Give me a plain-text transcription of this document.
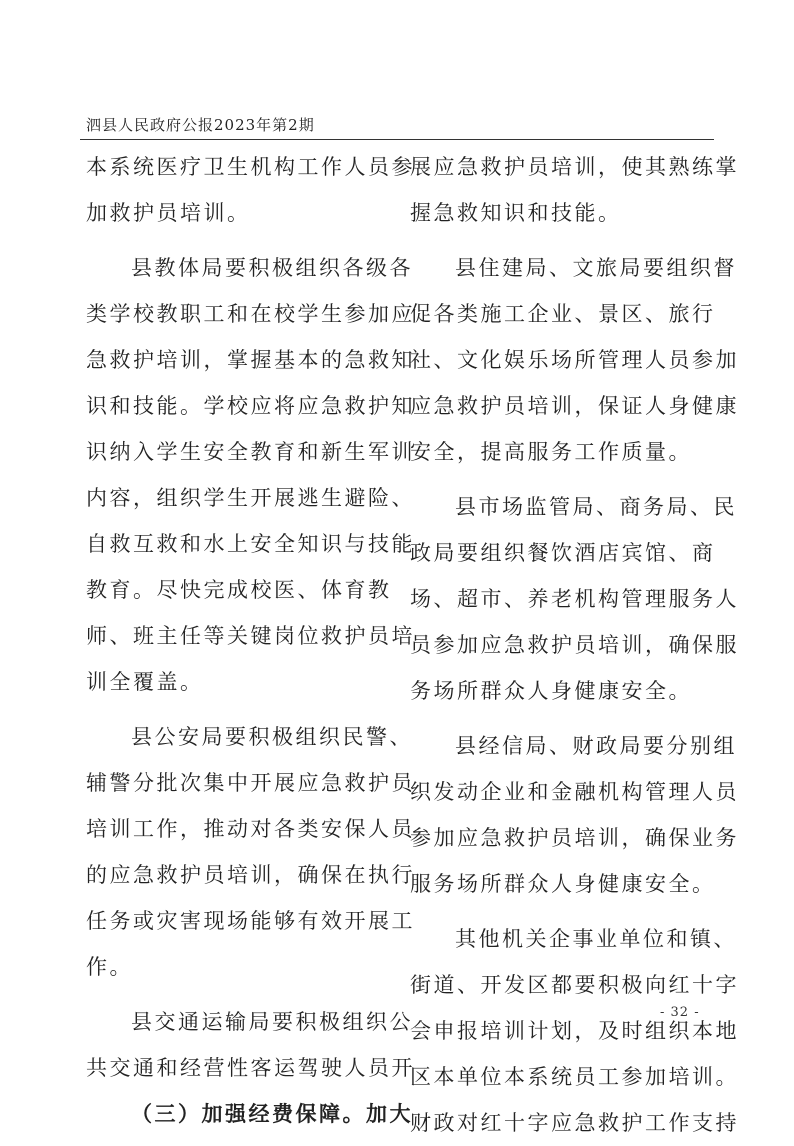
泗县人民政府公报2023年第2期
本系统医疗卫生机构工作人员参
加救护员培训。
县教体局要积极组织各级各
类学校教职工和在校学生参加应
急救护培训，掌握基本的急救知
识和技能。学校应将应急救护知
识纳入学生安全教育和新生军训
内容，组织学生开展逃生避险、
自救互救和水上安全知识与技能
教育。尽快完成校医、体育教
师、班主任等关键岗位救护员培
训全覆盖。
县公安局要积极组织民警、
辅警分批次集中开展应急救护员
培训工作，推动对各类安保人员
的应急救护员培训，确保在执行
任务或灾害现场能够有效开展工
作。
县交通运输局要积极组织公
共交通和经营性客运驾驶人员开
（三）加强经费保障。加大
展应急救护员培训，使其熟练掌
握急救知识和技能。
县住建局、文旅局要组织督
促各类施工企业、景区、旅行
社、文化娱乐场所管理人员参加
应急救护员培训，保证人身健康
安全，提高服务工作质量。
县市场监管局、商务局、民
政局要组织餐饮酒店宾馆、商
场、超市、养老机构管理服务人
员参加应急救护员培训，确保服
务场所群众人身健康安全。
县经信局、财政局要分别组
织发动企业和金融机构管理人员
参加应急救护员培训，确保业务
服务场所群众人身健康安全。
其他机关企事业单位和镇、
街道、开发区都要积极向红十字
会申报培训计划，及时组织本地
区本单位本系统员工参加培训。
财政对红十字应急救护工作支持
- 32 -
